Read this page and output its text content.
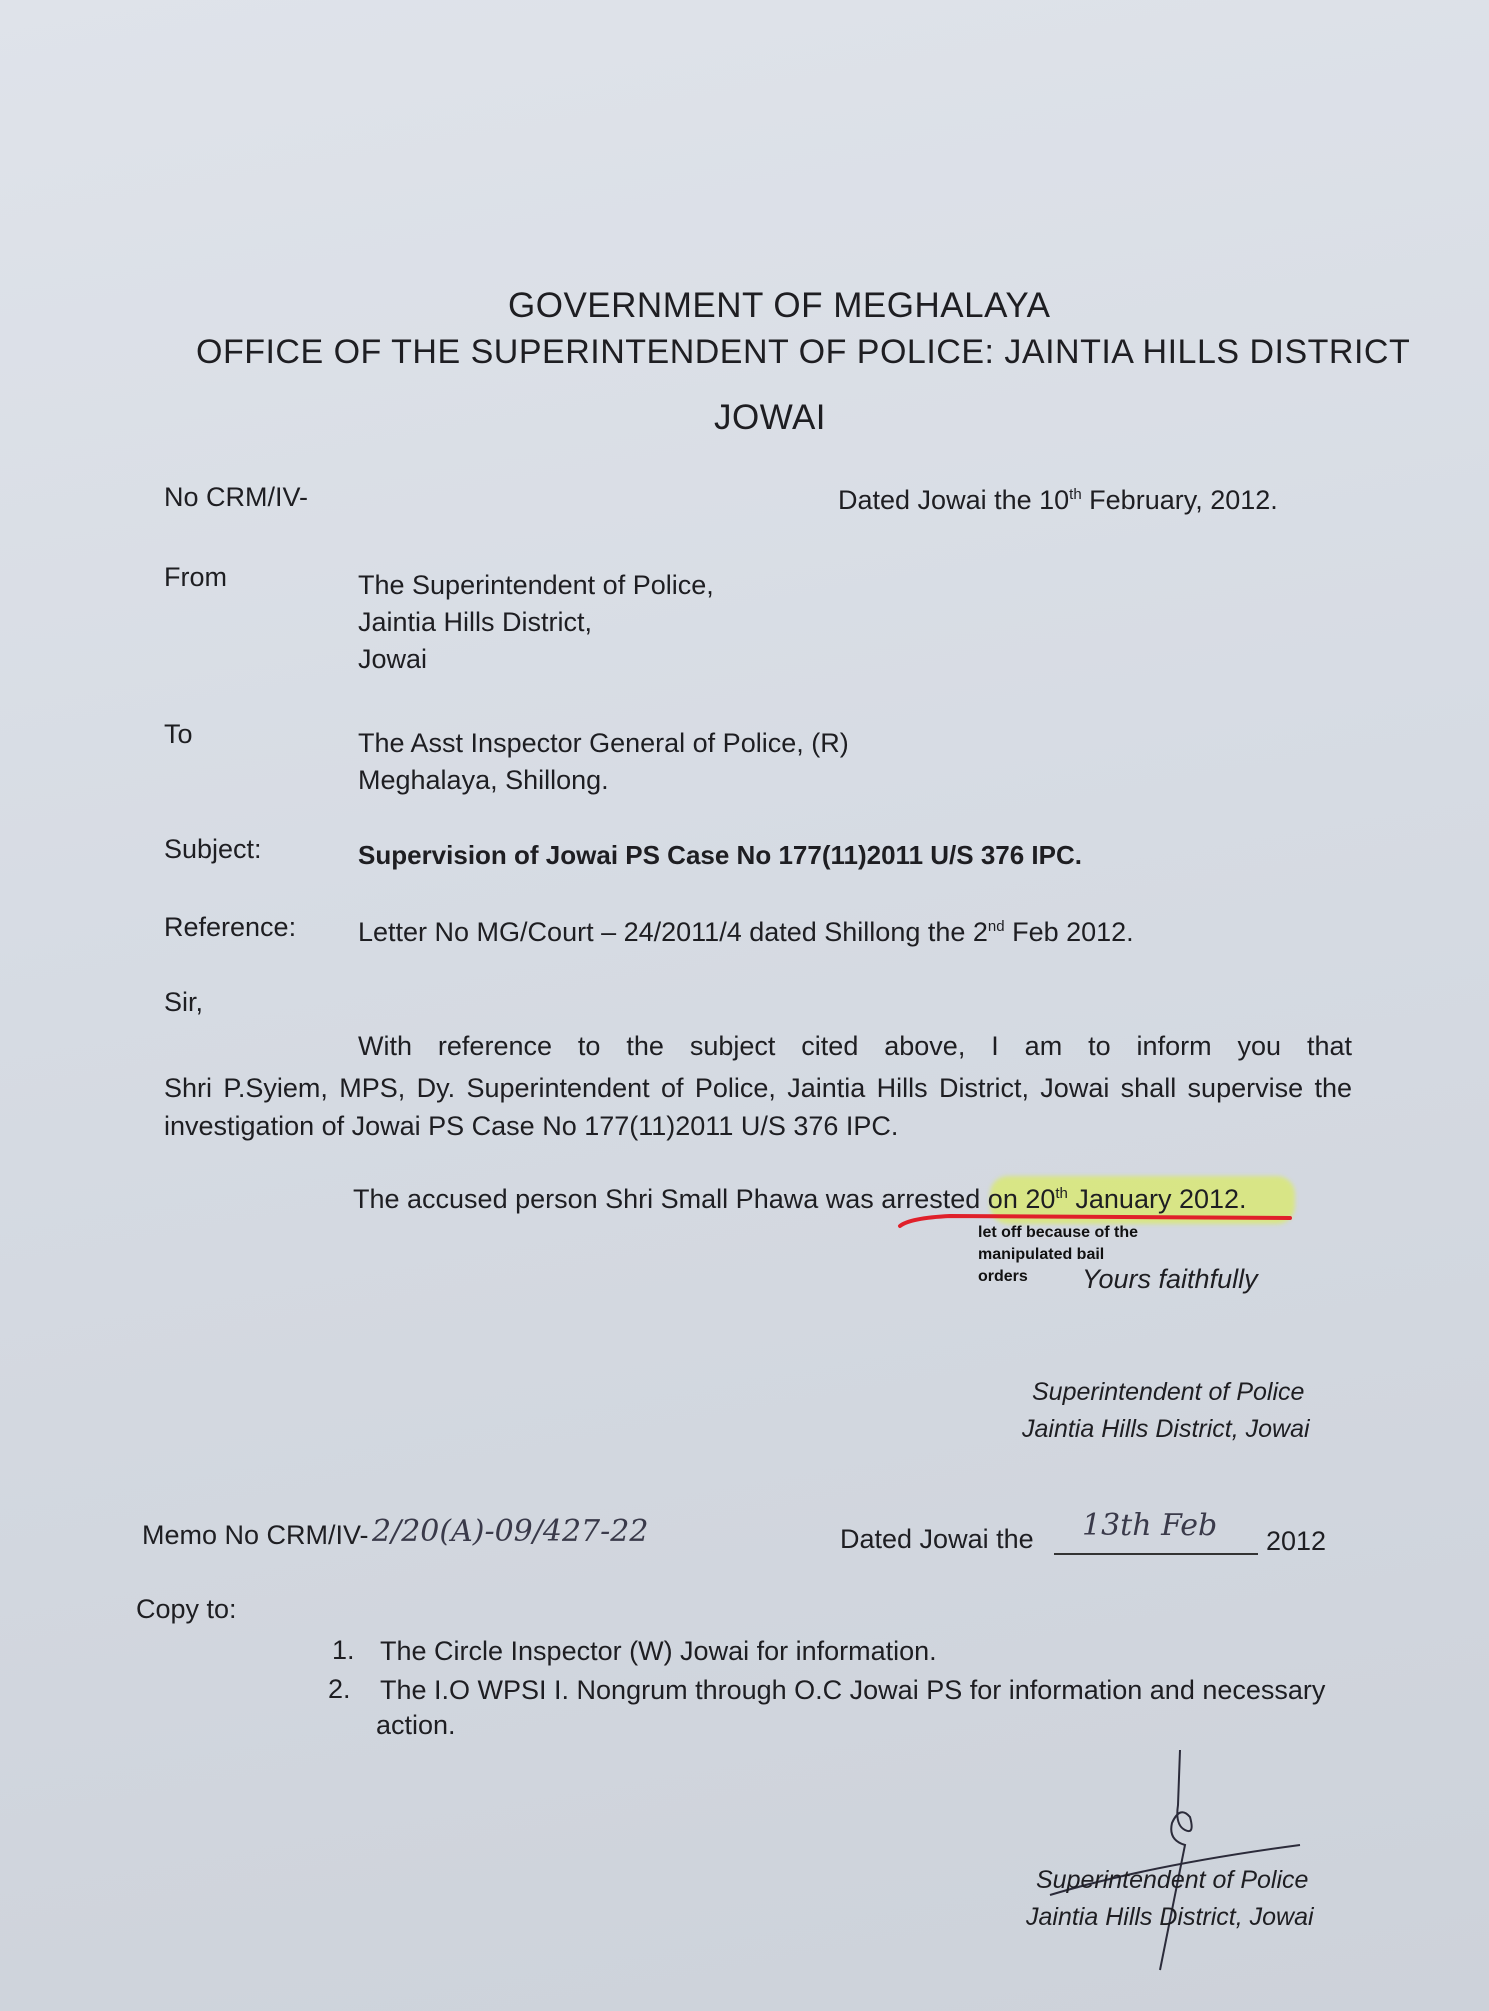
GOVERNMENT OF MEGHALAYA
OFFICE OF THE SUPERINTENDENT OF POLICE: JAINTIA HILLS DISTRICT
JOWAI
No CRM/IV-	Dated Jowai the 10th February, 2012.
From	The Superintendent of Police,
Jaintia Hills District,
Jowai
To	The Asst Inspector General of Police, (R)
Meghalaya, Shillong.
Subject:	Supervision of Jowai PS Case No 177(11)2011 U/S 376 IPC.
Reference: Letter No MG/Court – 24/2011/4 dated Shillong the 2nd Feb 2012.
Sir,
With reference to the subject cited above, I am to inform you that

Shri P.Syiem, MPS, Dy. Superintendent of Police, Jaintia Hills District, Jowai shall supervise the investigation of Jowai PS Case No 177(11)2011 U/S 376 IPC.

The accused person Shri Small Phawa was arrested on 20th January 2012.
let off because of the
manipulated bail
orders	Yours faithfully
Superintendent of Police
Jaintia Hills District, Jowai
Memo No CRM/IV- 2/20(A)-09/427-22	Dated Jowai the 13th Feb 2012
Copy to:
1. The Circle Inspector (W) Jowai for information.
2. The I.O WPSI I. Nongrum through O.C Jowai PS for information and necessary
action.
Superintendent of Police
Jaintia Hills District, Jowai
